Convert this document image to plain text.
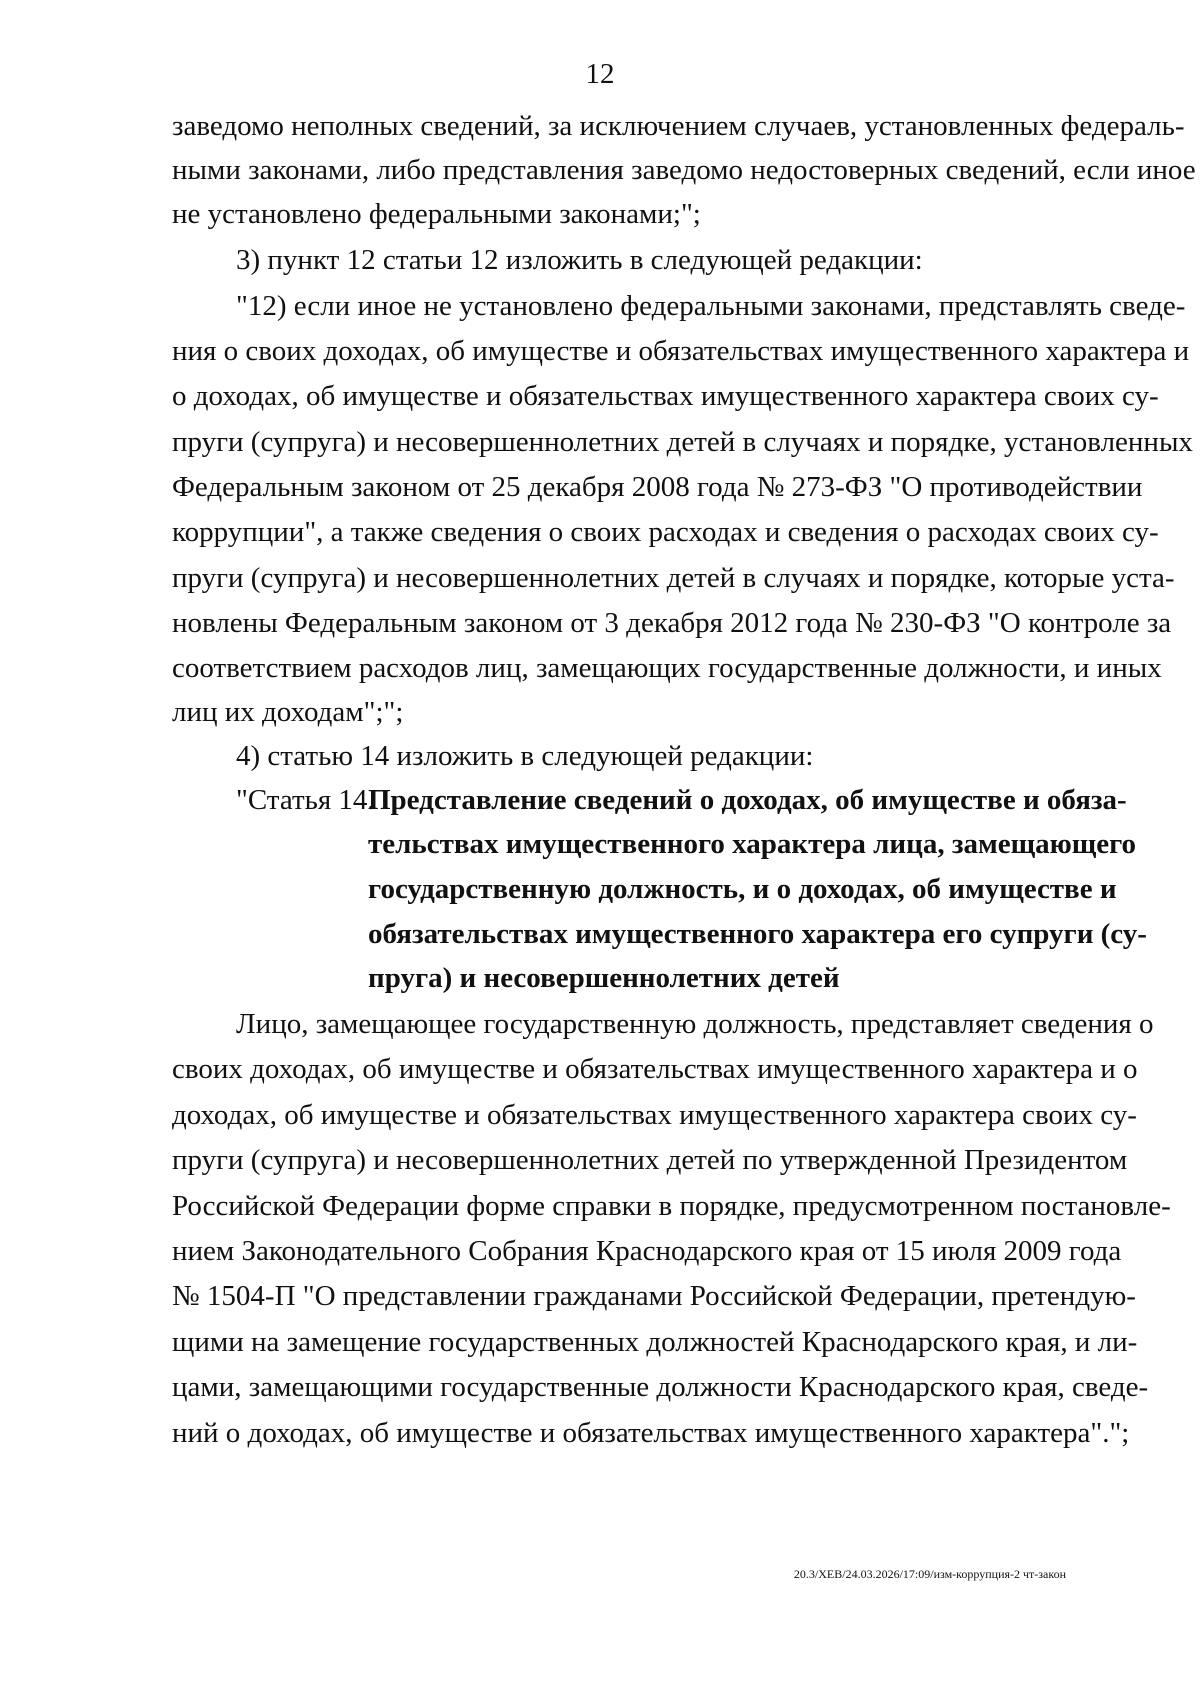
12
заведомо неполных сведений, за исключением случаев, установленных федераль-
ными законами, либо представления заведомо недостоверных сведений, если иное
не установлено федеральными законами;";
3) пункт 12 статьи 12 изложить в следующей редакции:
"12) если иное не установлено федеральными законами, представлять сведе-
ния о своих доходах, об имуществе и обязательствах имущественного характера и
о доходах, об имуществе и обязательствах имущественного характера своих су-
пруги (супруга) и несовершеннолетних детей в случаях и порядке, установленных
Федеральным законом от 25 декабря 2008 года № 273-ФЗ "О противодействии
коррупции", а также сведения о своих расходах и сведения о расходах своих су-
пруги (супруга) и несовершеннолетних детей в случаях и порядке, которые уста-
новлены Федеральным законом от 3 декабря 2012 года № 230-ФЗ "О контроле за
соответствием расходов лиц, замещающих государственные должности, и иных
лиц их доходам";";
4) статью 14 изложить в следующей редакции:
"Статья 14.
Представление сведений о доходах, об имуществе и обяза-
тельствах имущественного характера лица, замещающего
государственную должность, и о доходах, об имуществе и
обязательствах имущественного характера его супруги (су-
пруга) и несовершеннолетних детей
Лицо, замещающее государственную должность, представляет сведения о
своих доходах, об имуществе и обязательствах имущественного характера и о
доходах, об имуществе и обязательствах имущественного характера своих су-
пруги (супруга) и несовершеннолетних детей по утвержденной Президентом
Российской Федерации форме справки в порядке, предусмотренном постановле-
нием Законодательного Собрания Краснодарского края от 15 июля 2009 года
№ 1504-П "О представлении гражданами Российской Федерации, претендую-
щими на замещение государственных должностей Краснодарского края, и ли-
цами, замещающими государственные должности Краснодарского края, сведе-
ний о доходах, об имуществе и обязательствах имущественного характера".";
20.3/ХЕВ/24.03.2026/17:09/изм-коррупция-2 чт-закон
